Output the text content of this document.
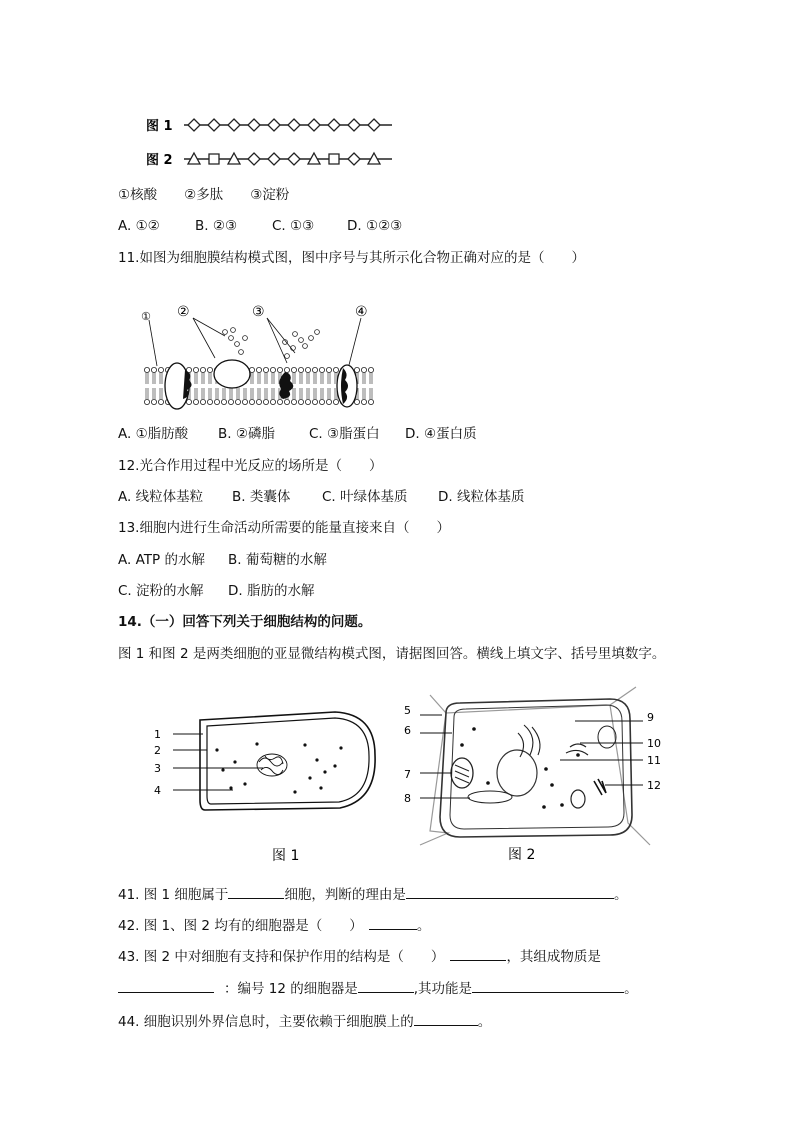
图 1
图 2
①核酸　　②多肽　　③淀粉
A. ①②	B. ②③	C. ①③ D. ①②③
11.如图为细胞膜结构模式图，图中序号与其所示化合物正确对应的是（　　）
① ②	③	④
A. ①脂肪酸 B. ②磷脂	C. ③脂蛋白 D. ④蛋白质
12.光合作用过程中光反应的场所是（　　）
A. 线粒体基粒 B. 类囊体 C. 叶绿体基质 D. 线粒体基质
13.细胞内进行生命活动所需要的能量直接来自（　　）
A. ATP 的水解 B. 葡萄糖的水解
C. 淀粉的水解 D. 脂肪的水解
14.（一）回答下列关于细胞结构的问题。
图 1 和图 2 是两类细胞的亚显微结构模式图，请据图回答。横线上填文字、括号里填数字。
1
2
3
4
图 1
5
6
7
8
9
10
11
12
图 2
41. 图 1 细胞属于	细胞，判断的理由是	。
42. 图 1、图 2 均有的细胞器是（　　）	。
43. 图 2 中对细胞有支持和保护作用的结构是（　　）	，其组成物质是
：编号 12 的细胞器是	,其功能是	。
44. 细胞识别外界信息时，主要依赖于细胞膜上的	。
